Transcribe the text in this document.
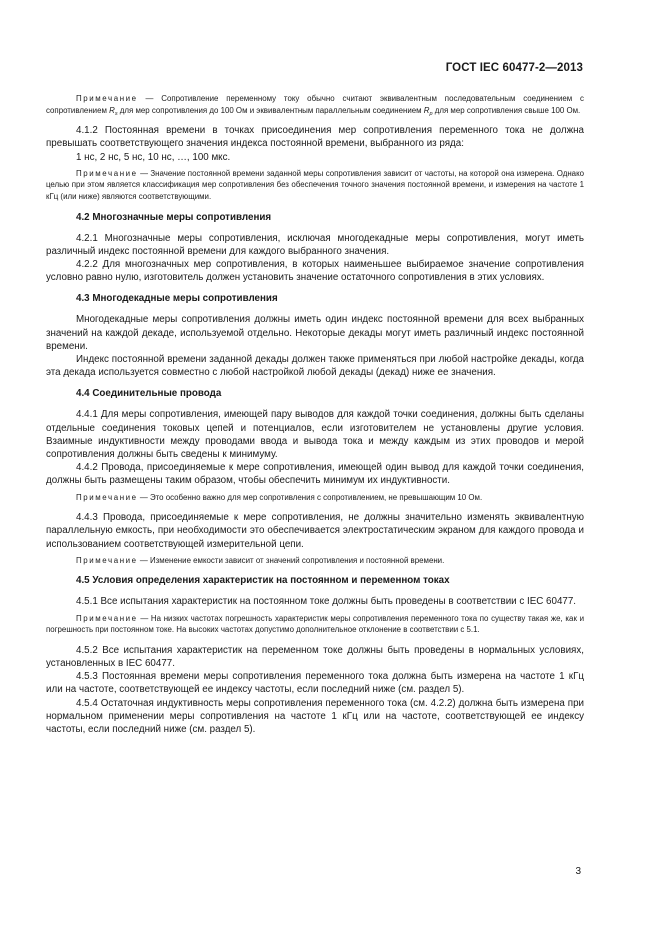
ГОСТ IEC 60477-2—2013

Примечание — Сопротивление переменному току обычно считают эквивалентным последовательным соединением с сопротивлением $R_s$ для мер сопротивления до 100 Ом и эквивалентным параллельным соединением $R_p$ для мер сопротивления свыше 100 Ом.

4.1.2 Постоянная времени в точках присоединения мер сопротивления переменного тока не должна превышать соответствующего значения индекса постоянной времени, выбранного из ряда:

1 нс, 2 нс, 5 нс, 10 нс, …, 100 мкс.

Примечание — Значение постоянной времени заданной меры сопротивления зависит от частоты, на которой она измерена. Однако целью при этом является классификация мер сопротивления без обеспечения точного значения постоянной времени, и измерения на частоте 1 кГц (или ниже) являются соответствующими.

4.2 Многозначные меры сопротивления

4.2.1 Многозначные меры сопротивления, исключая многодекадные меры сопротивления, могут иметь различный индекс постоянной времени для каждого выбранного значения.

4.2.2 Для многозначных мер сопротивления, в которых наименьшее выбираемое значение сопротивления условно равно нулю, изготовитель должен установить значение остаточного сопротивления в этих условиях.

4.3 Многодекадные меры сопротивления

Многодекадные меры сопротивления должны иметь один индекс постоянной времени для всех выбранных значений на каждой декаде, используемой отдельно. Некоторые декады могут иметь различный индекс постоянной времени.

Индекс постоянной времени заданной декады должен также применяться при любой настройке декады, когда эта декада используется совместно с любой настройкой любой декады (декад) ниже ее значения.

4.4 Соединительные провода

4.4.1 Для меры сопротивления, имеющей пару выводов для каждой точки соединения, должны быть сделаны отдельные соединения токовых цепей и потенциалов, если изготовителем не установлены другие условия. Взаимные индуктивности между проводами ввода и вывода тока и между каждым из этих проводов и мерой сопротивления должны быть сведены к минимуму.

4.4.2 Провода, присоединяемые к мере сопротивления, имеющей один вывод для каждой точки соединения, должны быть размещены таким образом, чтобы обеспечить минимум их индуктивности.

Примечание — Это особенно важно для мер сопротивления с сопротивлением, не превышающим 10 Ом.

4.4.3 Провода, присоединяемые к мере сопротивления, не должны значительно изменять эквивалентную параллельную емкость, при необходимости это обеспечивается электростатическим экраном для каждого провода и использованием соответствующей измерительной цепи.

Примечание — Изменение емкости зависит от значений сопротивления и постоянной времени.

4.5 Условия определения характеристик на постоянном и переменном токах

4.5.1 Все испытания характеристик на постоянном токе должны быть проведены в соответствии с IEC 60477.

Примечание — На низких частотах погрешность характеристик меры сопротивления переменного тока по существу такая же, как и погрешность при постоянном токе. На высоких частотах допустимо дополнительное отклонение в соответствии с 5.1.

4.5.2 Все испытания характеристик на переменном токе должны быть проведены в нормальных условиях, установленных в IEC 60477.

4.5.3 Постоянная времени меры сопротивления переменного тока должна быть измерена на частоте 1 кГц или на частоте, соответствующей ее индексу частоты, если последний ниже (см. раздел 5).

4.5.4 Остаточная индуктивность меры сопротивления переменного тока (см. 4.2.2) должна быть измерена при нормальном применении меры сопротивления на частоте 1 кГц или на частоте, соответствующей ее индексу частоты, если последний ниже (см. раздел 5).

3
